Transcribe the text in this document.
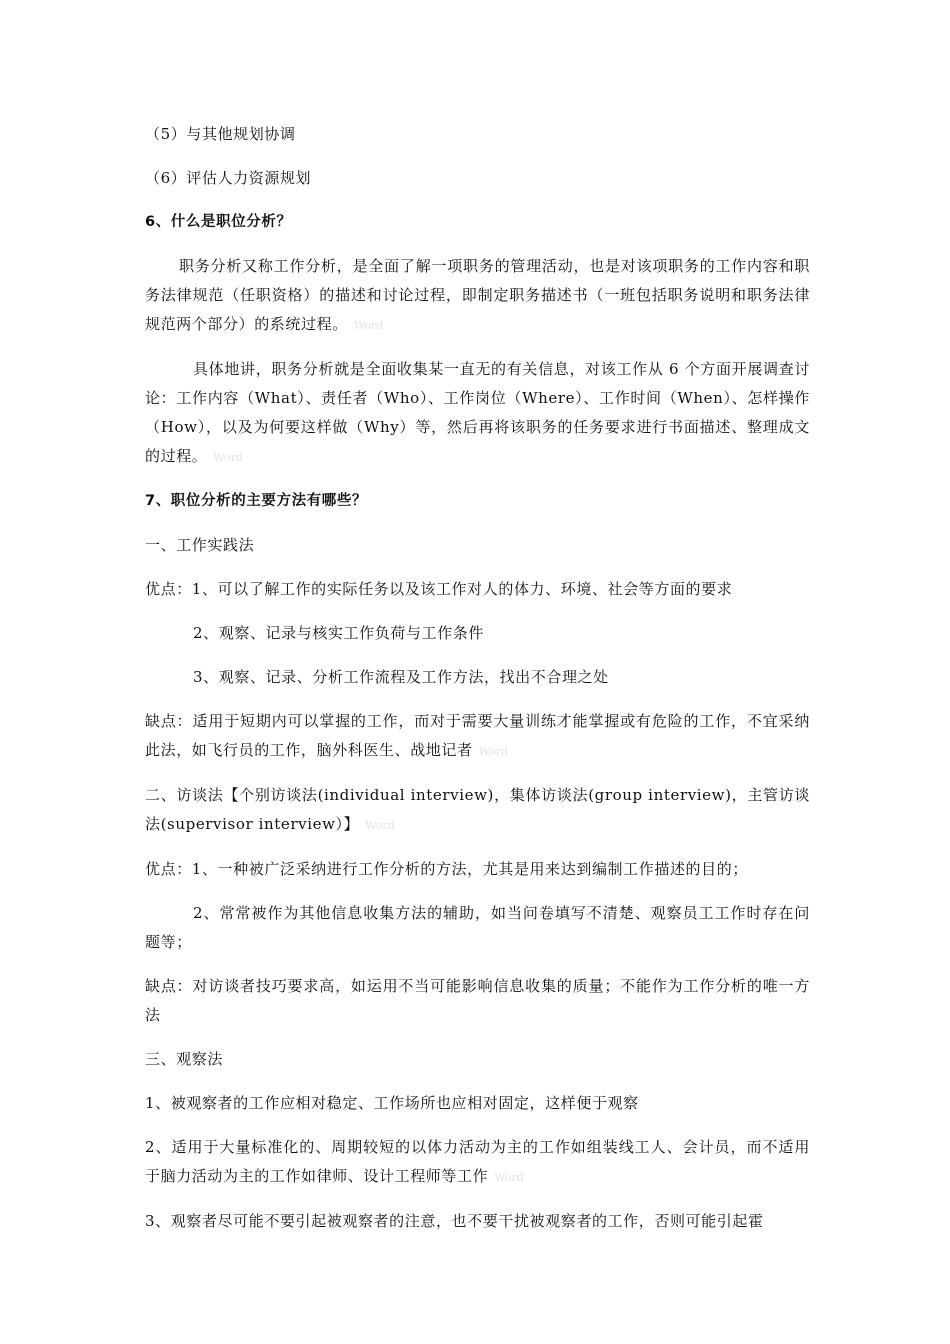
（5）与其他规划协调

（6）评估人力资源规划

6、什么是职位分析？

职务分析又称工作分析，是全面了解一项职务的管理活动，也是对该项职务的工作内容和职务法律规范（任职资格）的描述和讨论过程，即制定职务描述书（一班包括职务说明和职务法律规范两个部分）的系统过程。 Word

具体地讲，职务分析就是全面收集某一直无的有关信息，对该工作从 6 个方面开展调查讨论：工作内容（What）、责任者（Who）、工作岗位（Where）、工作时间（When）、怎样操作（How），以及为何要这样做（Why）等，然后再将该职务的任务要求进行书面描述、整理成文的过程。 Word

7、职位分析的主要方法有哪些？

一、工作实践法

优点：1、可以了解工作的实际任务以及该工作对人的体力、环境、社会等方面的要求

2、观察、记录与核实工作负荷与工作条件

3、观察、记录、分析工作流程及工作方法，找出不合理之处

缺点：适用于短期内可以掌握的工作，而对于需要大量训练才能掌握或有危险的工作，不宜采纳此法，如飞行员的工作，脑外科医生、战地记者 Word

二、访谈法【个别访谈法(individual interview)，集体访谈法(group interview)，主管访谈法(supervisor interview）】 Word

优点：1、一种被广泛采纳进行工作分析的方法，尤其是用来达到编制工作描述的目的；

2、常常被作为其他信息收集方法的辅助，如当问卷填写不清楚、观察员工工作时存在问题等；

缺点：对访谈者技巧要求高，如运用不当可能影响信息收集的质量；不能作为工作分析的唯一方法

三、观察法

1、被观察者的工作应相对稳定、工作场所也应相对固定，这样便于观察

2、适用于大量标准化的、周期较短的以体力活动为主的工作如组装线工人、会计员，而不适用于脑力活动为主的工作如律师、设计工程师等工作 Word

3、观察者尽可能不要引起被观察者的注意，也不要干扰被观察者的工作，否则可能引起霍
